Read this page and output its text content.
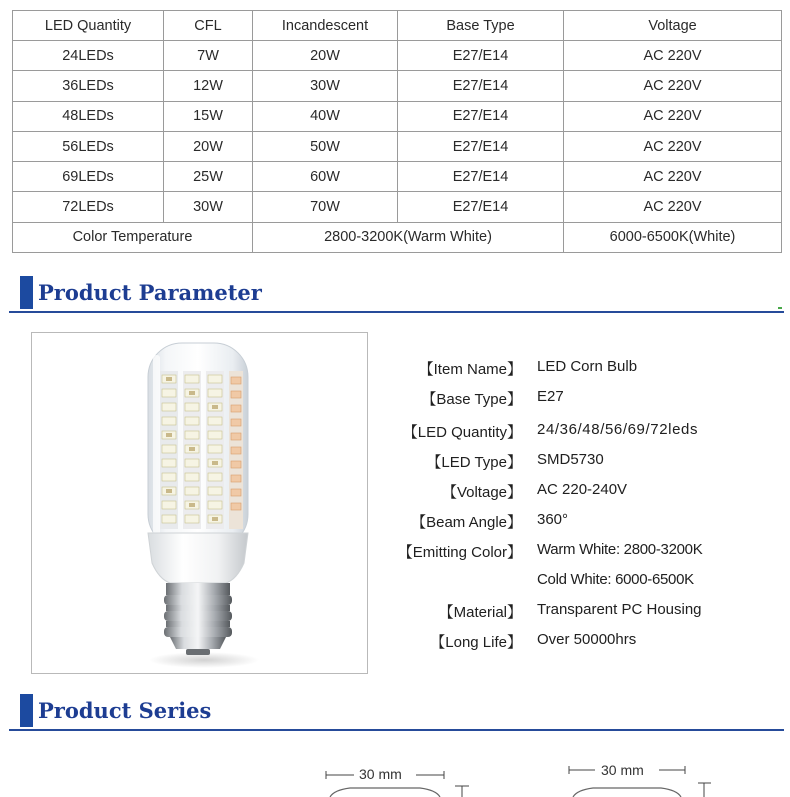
LED Quantity	CFL	Incandescent	Base Type	Voltage
24LEDs	7W	20W	E27/E14	AC 220V
36LEDs	12W	30W	E27/E14	AC 220V
48LEDs	15W	40W	E27/E14	AC 220V
56LEDs	20W	50W	E27/E14	AC 220V
69LEDs	25W	60W	E27/E14	AC 220V
72LEDs	30W	70W	E27/E14	AC 220V
Color Temperature		2800-3200K(Warm White)		6000-6500K(White)
Product Parameter
【Item Name】 LED Corn Bulb
【Base Type】 E27
【LED Quantity】 24/36/48/56/69/72leds
【LED Type】 SMD5730
【Voltage】 AC 220-240V
【Beam Angle】 360°
【Emitting Color】 Warm White: 2800-3200K
Cold White: 6000-6500K
【Material】 Transparent PC Housing
【Long Life】 Over 50000hrs
Product Series
30 mm	30 mm
